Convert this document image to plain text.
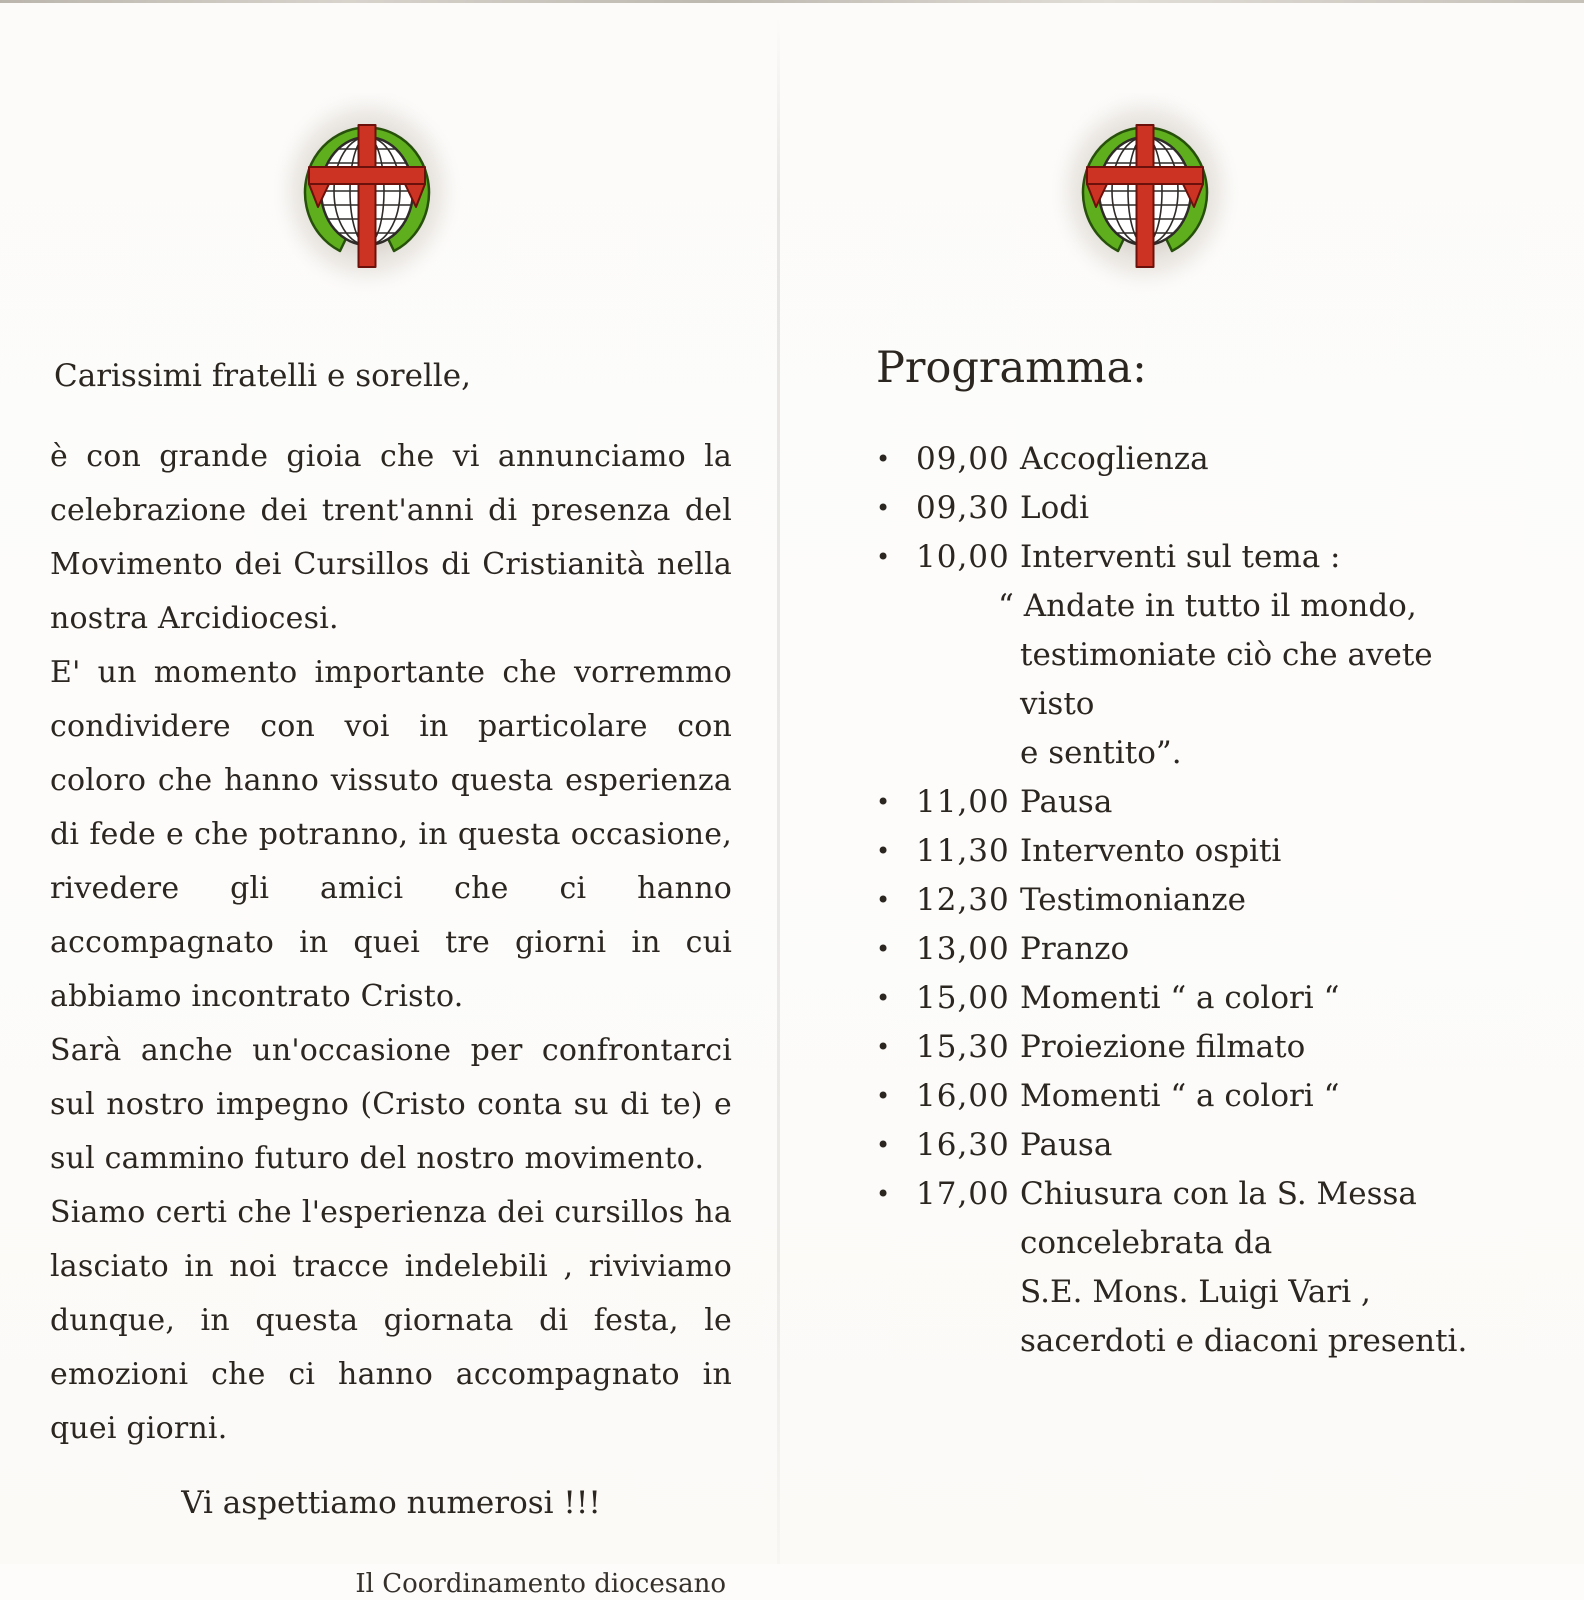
Carissimi fratelli e sorelle,

è con grande gioia che vi annunciamo la celebrazione dei trent'anni di presenza del Movimento dei Cursillos di Cristianità nella nostra Arcidiocesi.

E' un momento importante che vorremmo condividere con voi in particolare con coloro che hanno vissuto questa esperienza di fede e che potranno, in questa occasione, rivedere gli amici che ci hanno accompagnato in quei tre giorni in cui abbiamo incontrato Cristo.

Sarà anche un'occasione per confrontarci sul nostro impegno (Cristo conta su di te) e sul cammino futuro del nostro movimento.

Siamo certi che l'esperienza dei cursillos ha lasciato in noi tracce indelebili , riviviamo dunque, in questa giornata di festa, le emozioni che ci hanno accompagnato in quei giorni.

Vi aspettiamo numerosi !!!

Il Coordinamento diocesano

Programma:
• 09,00 Accoglienza
• 09,30 Lodi
• 10,00 Interventi sul tema :
“ Andate in tutto il mondo,
testimoniate ciò che avete visto
e sentito”.
• 11,00 Pausa
• 11,30 Intervento ospiti
• 12,30 Testimonianze
• 13,00 Pranzo
• 15,00 Momenti “ a colori “
• 15,30 Proiezione filmato
• 16,00 Momenti “ a colori “
• 16,30 Pausa
• 17,00 Chiusura con la S. Messa
concelebrata da
S.E. Mons. Luigi Vari ,
sacerdoti e diaconi presenti.
